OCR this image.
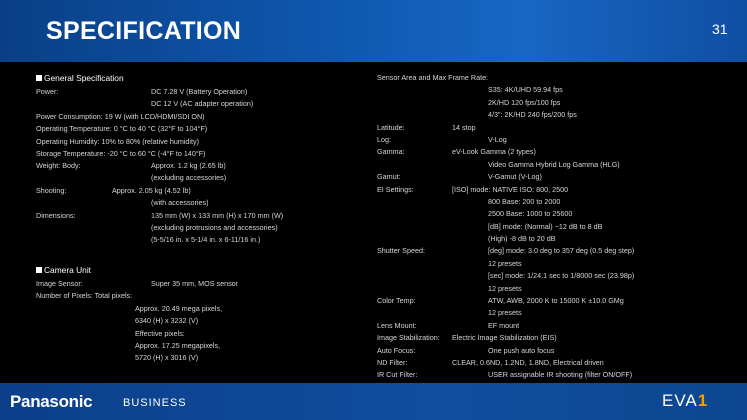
SPECIFICATION	31
General Specification
Power:	DC 7.28 V (Battery Operation)
DC 12 V (AC adapter operation)
Power Consumption: 19 W (with LCD/HDMI/SDI ON)
Operating Temperature: 0 °C to 40 °C (32°F to 104°F)
Operating Humidity: 10% to 80% (relative humidity)
Storage Temperature: -20 °C to 60 °C (-4°F to 140°F)
Weight: Body:	Approx. 1.2 kg (2.65 lb)
(excluding accessories)
Shooting:	Approx. 2.05 kg (4.52 lb)
(with accessories)
Dimensions:	135 mm (W) x 133 mm (H) x 170 mm (W)
(excluding protrusions and accessories)
(5-5/16 in. x 5-1/4 in. x 6-11/16 in.)
Camera Unit
Image Sensor:	Super 35 mm, MOS sensor
Number of Pixels: Total pixels:
Approx. 20.49 mega pixels,
6340 (H) x 3232 (V)
Effective pixels:
Approx. 17.25 megapixels,
5720 (H) x 3016 (V)
Sensor Area and Max Frame Rate:
S35: 4K/UHD 59.94 fps
2K/HD 120 fps/100 fps
4/3": 2K/HD 240 fps/200 fps
Latitude:	14 stop
Log:	V-Log
Gamma:	eV-Look Gamma (2 types)
Video Gamma Hybrid Log Gamma (HLG)
Gamut:	V-Gamut (V-Log)
EI Settings:	[ISO] mode: NATIVE ISO: 800, 2500
800 Base: 200 to 2000
2500 Base: 1000 to 25600
[dB] mode: (Normal) −12 dB to 8 dB
(High) -8 dB to 20 dB
Shutter Speed:	[deg] mode: 3.0 deg to 357 deg (0.5 deg step)
12 presets
[sec] mode: 1/24.1 sec to 1/8000 sec (23.98p)
12 presets
Color Temp:	ATW, AWB, 2000 K to 15000 K ±10.0 GMg
12 presets
Lens Mount:	EF mount
Image Stabilization: Electric Image Stabilization (EIS)
Auto Focus:	One push auto focus
ND Filter:	CLEAR, 0.6ND, 1.2ND, 1.8ND, Electrical driven
IR Cut Filter:	USER assignable IR shooting (filter ON/OFF)
Panasonic	BUSINESS	EVA1
